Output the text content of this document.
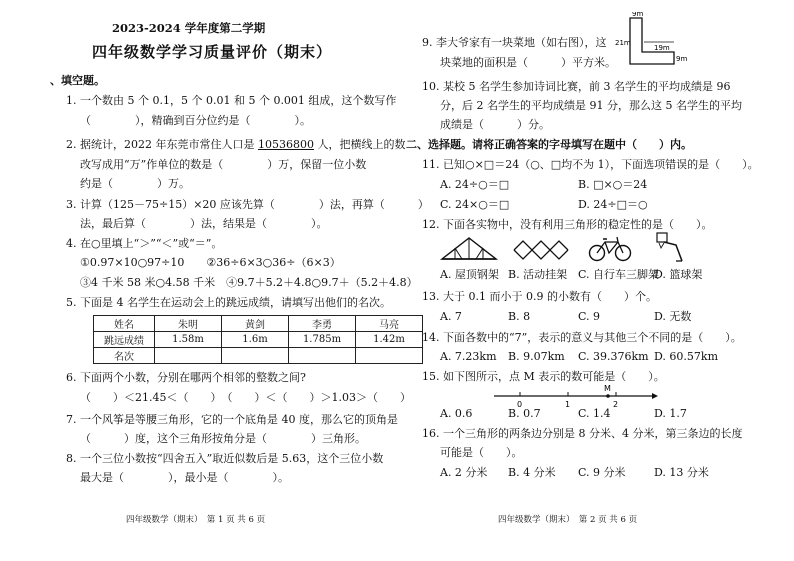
2023-2024 学年度第二学期
四年级数学学习质量评价（期末）
、填空题。
1. 一个数由 5 个 0.1，5 个 0.01 和 5 个 0.001 组成，这个数写作
（　　　　），精确到百分位约是（　　　　）。
2. 据统计，2022 年东莞市常住人口是 10536800 人，把横线上的数
改写成用“万”作单位的数是（　　　　）万，保留一位小数
约是（　　　　）万。
3. 计算（125－75÷15）×20 应该先算（　　　　）法，再算（　　　）
法，最后算（　　　　）法，结果是（　　　　）。
4. 在○里填上“＞”“＜”或“＝”。
①0.97×10○97÷10　　②36÷6×3○36÷（6×3）
③4 千米 58 米○4.58 千米　④9.7＋5.2＋4.8○9.7＋（5.2＋4.8）
5. 下面是 4 名学生在运动会上的跳远成绩，请填写出他们的名次。
姓名	朱明	黄剑	李勇	马亮
跳远成绩	1.58m	1.6m	1.785m	1.42m
名次				
6. 下面两个小数，分别在哪两个相邻的整数之间?
（　　）＜21.45＜（　　）　（　　）＜（　　）＞1.03＞（　　）
7. 一个风筝是等腰三角形，它的一个底角是 40 度，那么它的顶角是
（　　　）度，这个三角形按角分是（　　　　）三角形。
8. 一个三位小数按“四舍五入”取近似数后是 5.63，这个三位小数
最大是（　　　　），最小是（　　　　）。
四年级数学（期末）　第 1 页 共 6 页
9. 李大爷家有一块菜地（如右图），这
块菜地的面积是（　　　）平方米。
9m
21m
19m
9m
10. 某校 5 名学生参加诗词比赛，前 3 名学生的平均成绩是 96
分，后 2 名学生的平均成绩是 91 分，那么这 5 名学生的平均
成绩是（　　　）分。
二、选择题。请将正确答案的字母填写在题中（　　）内。
11. 已知○×□＝24（○、□均不为 1），下面选项错误的是（　　）。
A. 24÷○＝□	B. □×○＝24
C. 24×○＝□	D. 24÷□＝○
12. 下面各实物中，没有利用三角形的稳定性的是（　　）。
A. 屋顶钢架 B. 活动挂架 C. 自行车三脚架
D. 篮球架
13. 大于 0.1 而小于 0.9 的小数有（　　）个。
A. 7	B. 8	C. 9	D. 无数
14. 下面各数中的“7”，表示的意义与其他三个不同的是（　　）。
A. 7.23km B. 9.07km C. 39.376km D. 60.57km
15. 如下图所示，点 M 表示的数可能是（　　）。
0	1	2
M
A. 0.6	B. 0.7	C. 1.4	D. 1.7
16. 一个三角形的两条边分别是 8 分米、4 分米，第三条边的长度
可能是（　　）。
A. 2 分米 B. 4 分米 C. 9 分米	D. 13 分米
四年级数学（期末）　第 2 页 共 6 页
